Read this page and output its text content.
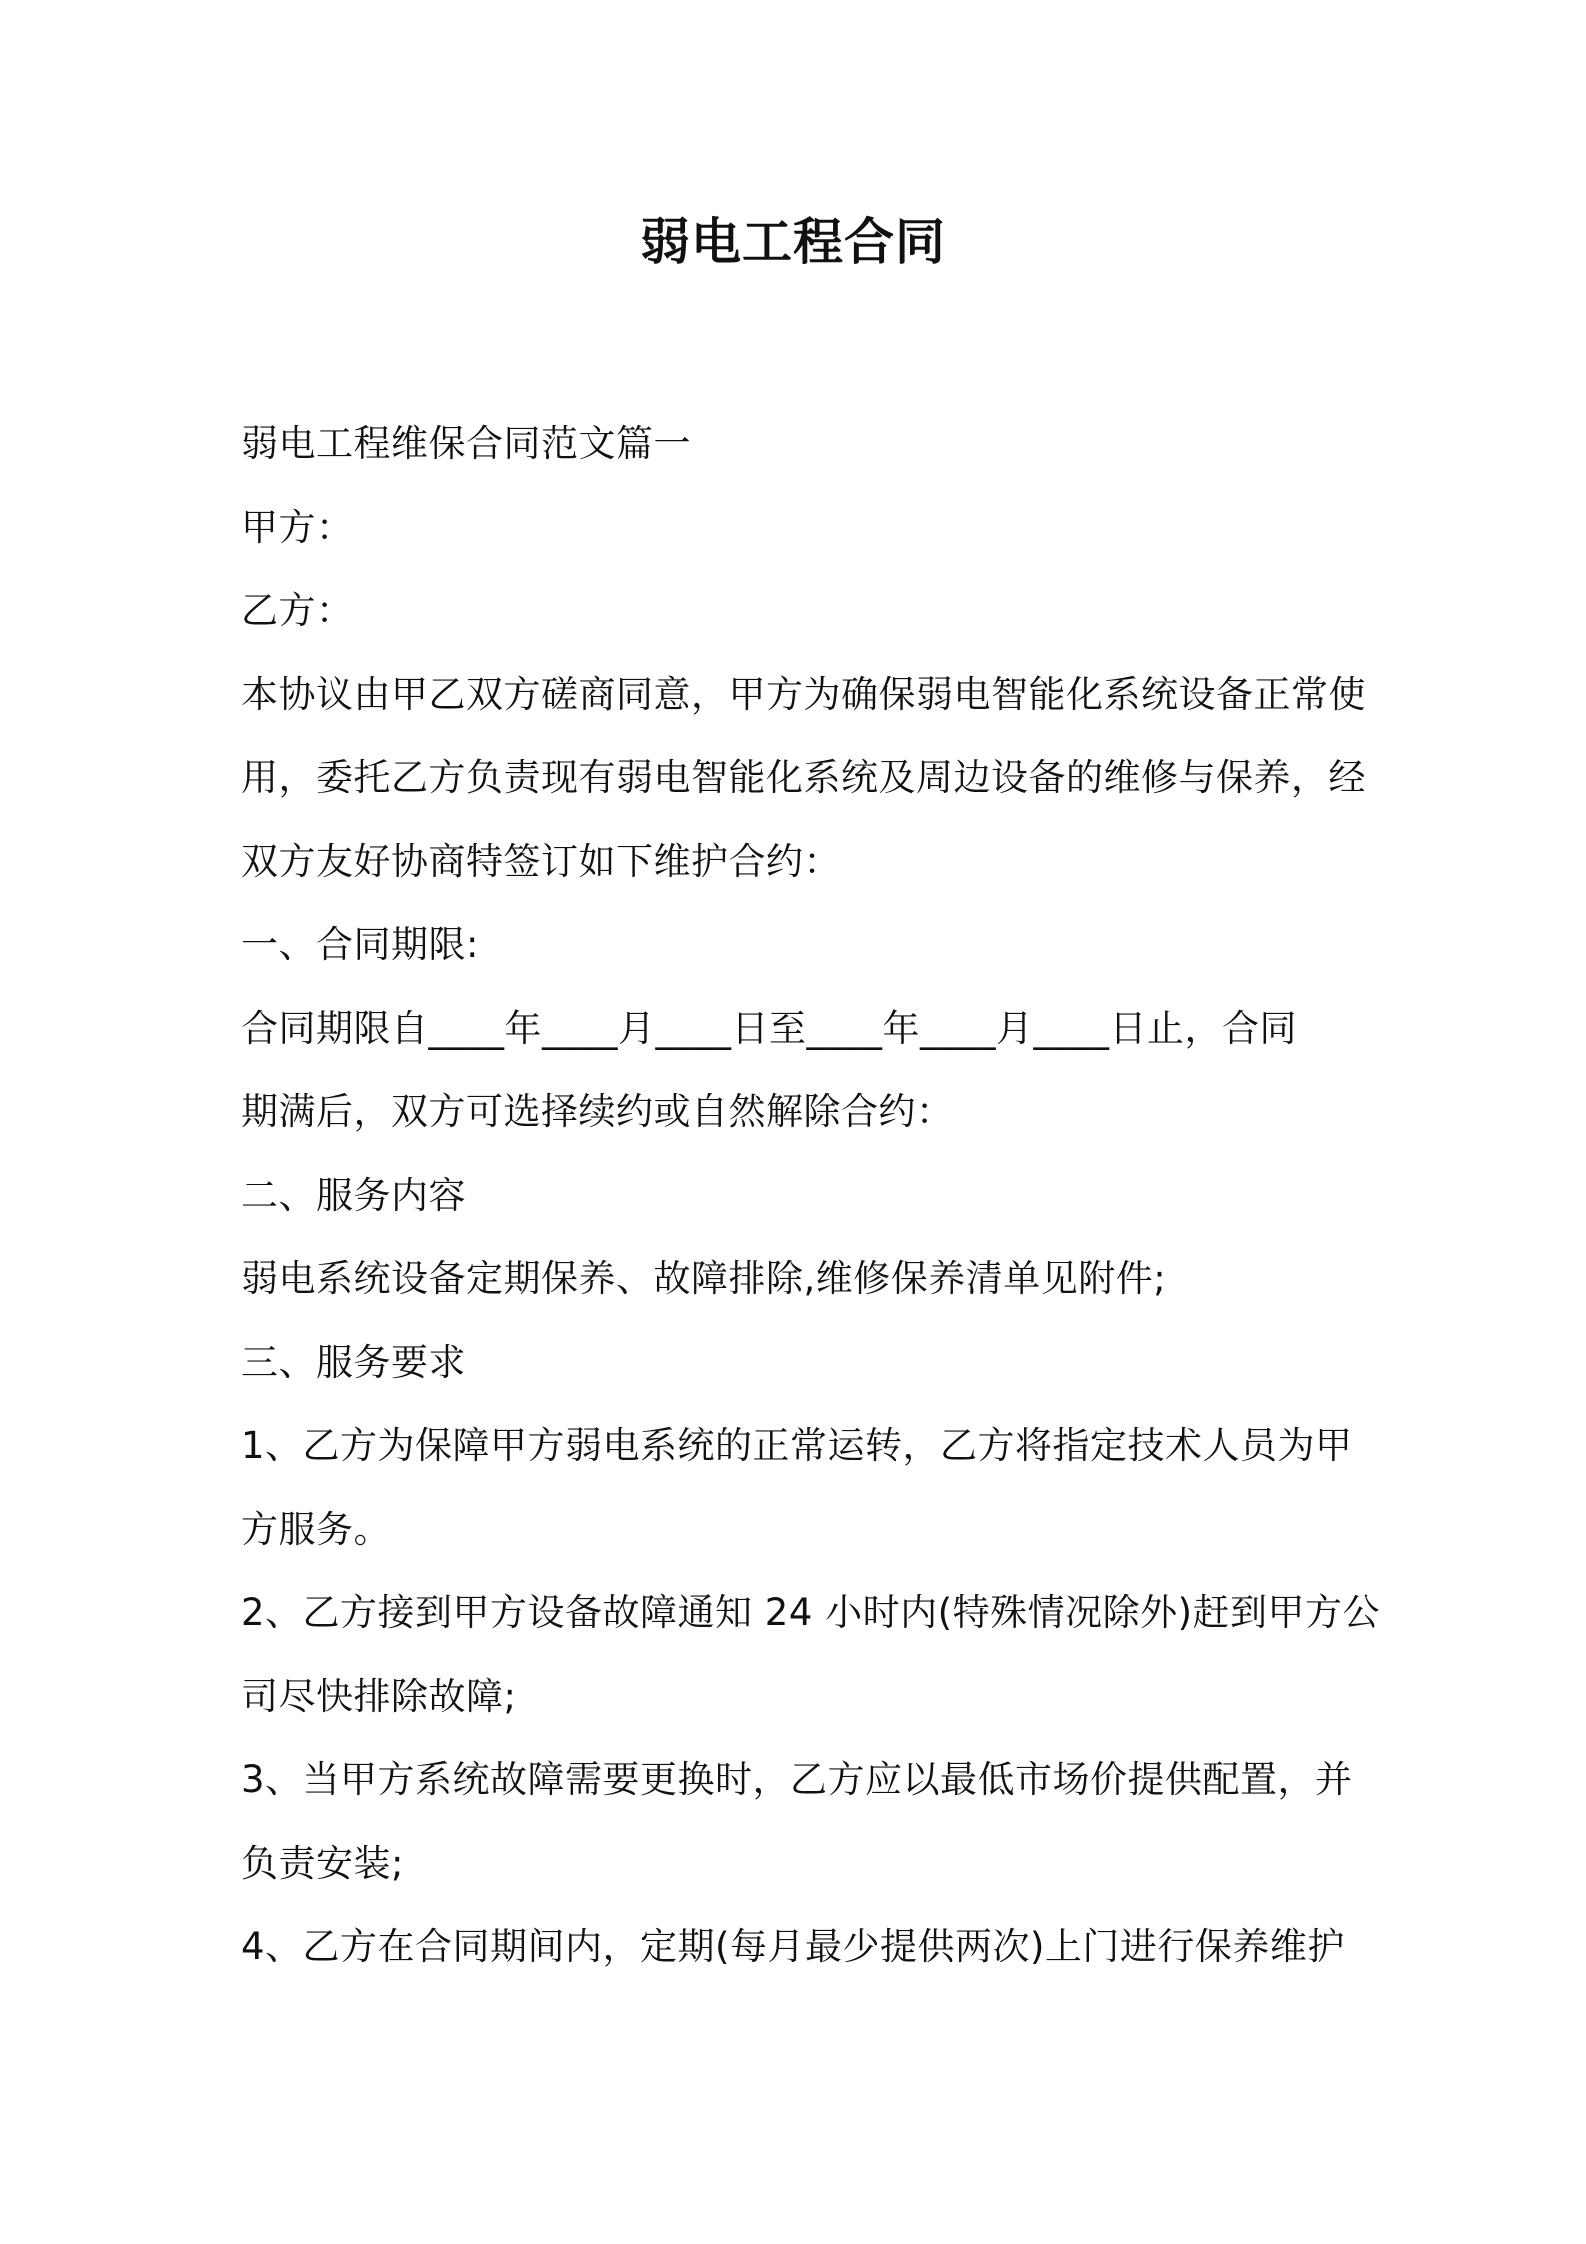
弱电工程合同

弱电工程维保合同范文篇一

甲方：

乙方：

本协议由甲乙双方磋商同意，甲方为确保弱电智能化系统设备正常使

用，委托乙方负责现有弱电智能化系统及周边设备的维修与保养，经

双方友好协商特签订如下维护合约：

一、合同期限:

合同期限自____年____月____日至____年____月____日止，合同

期满后，双方可选择续约或自然解除合约：

二、服务内容

弱电系统设备定期保养、故障排除,维修保养清单见附件;

三、服务要求

1、乙方为保障甲方弱电系统的正常运转，乙方将指定技术人员为甲

方服务。

2、乙方接到甲方设备故障通知 24 小时内(特殊情况除外)赶到甲方公

司尽快排除故障;

3、当甲方系统故障需要更换时，乙方应以最低市场价提供配置，并

负责安装;

4、乙方在合同期间内，定期(每月最少提供两次)上门进行保养维护
